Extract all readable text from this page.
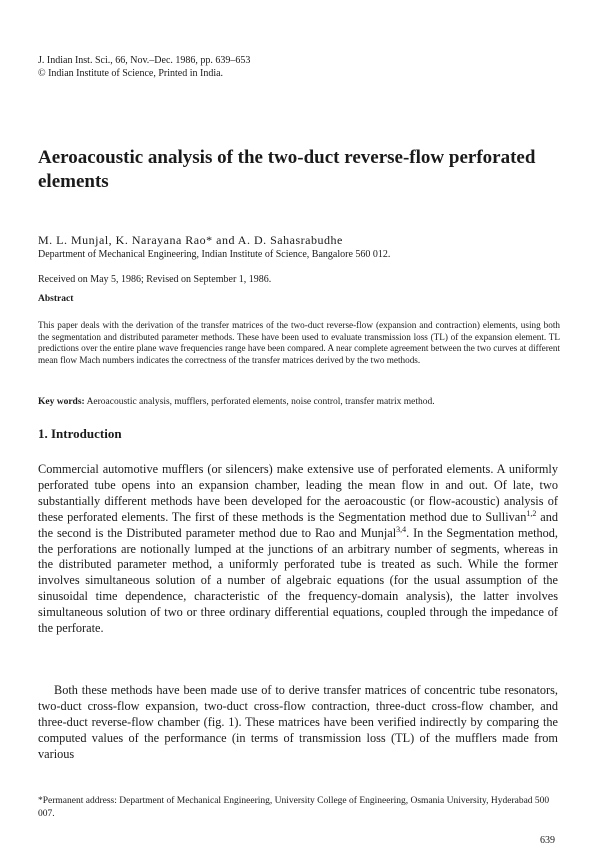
J. Indian Inst. Sci., 66, Nov.–Dec. 1986, pp. 639–653
© Indian Institute of Science, Printed in India.
Aeroacoustic analysis of the two-duct reverse-flow perforated elements
M. L. Munjal, K. Narayana Rao* and A. D. Sahasrabudhe
Department of Mechanical Engineering, Indian Institute of Science, Bangalore 560 012.
Received on May 5, 1986; Revised on September 1, 1986.
Abstract

This paper deals with the derivation of the transfer matrices of the two-duct reverse-flow (expansion and contraction) elements, using both the segmentation and distributed parameter methods. These have been used to evaluate transmission loss (TL) of the expansion element. TL predictions over the entire plane wave frequencies range have been compared. A near complete agreement between the two curves at different mean flow Mach numbers indicates the correctness of the transfer matrices derived by the two methods.

Key words: Aeroacoustic analysis, mufflers, perforated elements, noise control, transfer matrix method.
1. Introduction

Commercial automotive mufflers (or silencers) make extensive use of perforated elements. A uniformly perforated tube opens into an expansion chamber, leading the mean flow in and out. Of late, two substantially different methods have been developed for the aeroacoustic (or flow-acoustic) analysis of these perforated elements. The first of these methods is the Segmentation method due to Sullivan$^{1,2}$ and the second is the Distributed parameter method due to Rao and Munjal$^{3,4}$. In the Segmentation method, the perforations are notionally lumped at the junctions of an arbitrary number of segments, whereas in the distributed parameter method, a uniformly perforated tube is treated as such. While the former involves simultaneous solution of a number of algebraic equations (for the usual assumption of the sinusoidal time dependence, characteristic of the frequency-domain analysis), the latter involves simultaneous solution of two or three ordinary differential equations, coupled through the impedance of the perforate.

Both these methods have been made use of to derive transfer matrices of concentric tube resonators, two-duct cross-flow expansion, two-duct cross-flow contraction, three-duct cross-flow chamber, and three-duct reverse-flow chamber (fig. 1). These matrices have been verified indirectly by comparing the computed values of the performance (in terms of transmission loss (TL) of the mufflers made from various

*Permanent address: Department of Mechanical Engineering, University College of Engineering, Osmania University, Hyderabad 500 007.

639
